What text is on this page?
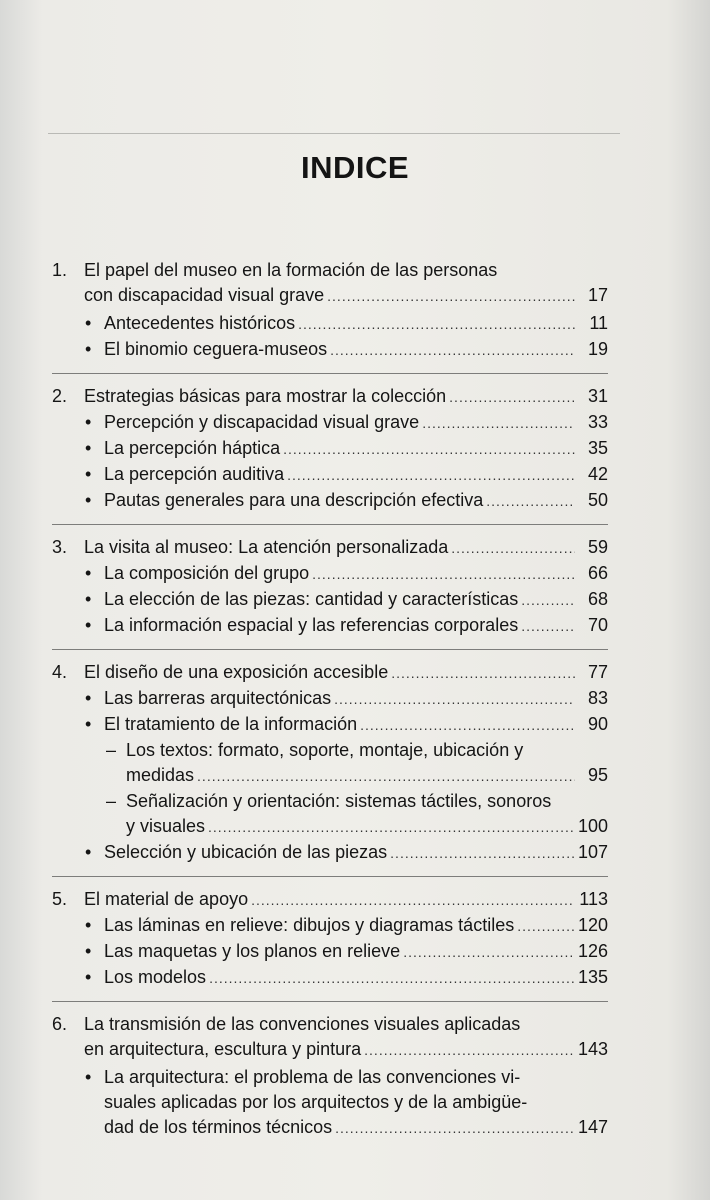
INDICE
1. El papel del museo en la formación de las personas
con discapacidad visual grave .....	17
• Antecedentes históricos .....	11
• El binomio ceguera-museos .....	19
2. Estrategias básicas para mostrar la colección .....	31
• Percepción y discapacidad visual grave .....	33
• La percepción háptica .....	35
• La percepción auditiva .....	42
• Pautas generales para una descripción efectiva .....	50
3. La visita al museo: La atención personalizada .....	59
• La composición del grupo .....	66
• La elección de las piezas: cantidad y características .....	68
• La información espacial y las referencias corporales .....	70
4. El diseño de una exposición accesible .....	77
• Las barreras arquitectónicas .....	83
• El tratamiento de la información .....	90
– Los textos: formato, soporte, montaje, ubicación y
medidas .....	95
– Señalización y orientación: sistemas táctiles, sonoros
y visuales .....	100
• Selección y ubicación de las piezas .....	107
5. El material de apoyo .....	113
• Las láminas en relieve: dibujos y diagramas táctiles .....	120
• Las maquetas y los planos en relieve .....	126
• Los modelos .....	135
6. La transmisión de las convenciones visuales aplicadas
en arquitectura, escultura y pintura .....	143
• La arquitectura: el problema de las convenciones vi-
suales aplicadas por los arquitectos y de la ambigüe-
dad de los términos técnicos .....	147
